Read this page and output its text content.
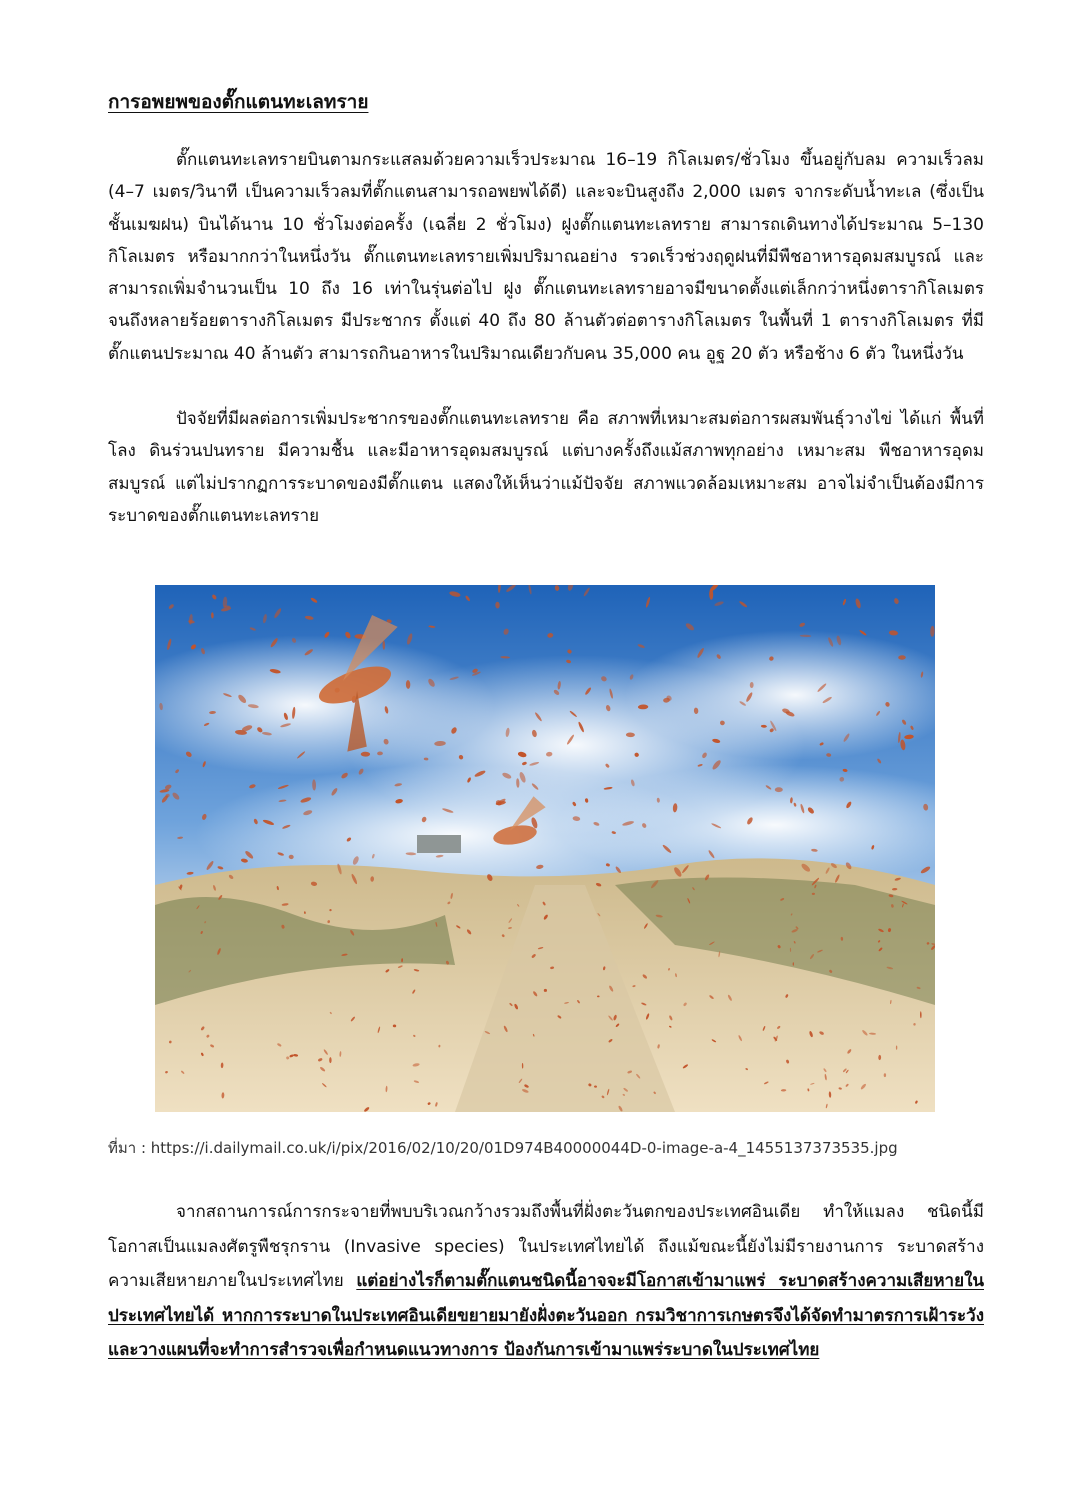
การอพยพของตั๊กแตนทะเลทราย

ตั๊กแตนทะเลทรายบินตามกระแสลมด้วยความเร็วประมาณ 16–19 กิโลเมตร/ชั่วโมง ขึ้นอยู่กับลม ความเร็วลม (4–7 เมตร/วินาที เป็นความเร็วลมที่ตั๊กแตนสามารถอพยพได้ดี) และจะบินสูงถึง 2,000 เมตร จากระดับน้ำทะเล (ซึ่งเป็นชั้นเมฆฝน) บินได้นาน 10 ชั่วโมงต่อครั้ง (เฉลี่ย 2 ชั่วโมง) ฝูงตั๊กแตนทะเลทราย สามารถเดินทางได้ประมาณ 5–130 กิโลเมตร หรือมากกว่าในหนึ่งวัน ตั๊กแตนทะเลทรายเพิ่มปริมาณอย่าง รวดเร็วช่วงฤดูฝนที่มีพืชอาหารอุดมสมบูรณ์ และสามารถเพิ่มจำนวนเป็น 10 ถึง 16 เท่าในรุ่นต่อไป ฝูง ตั๊กแตนทะเลทรายอาจมีขนาดตั้งแต่เล็กกว่าหนึ่งตารากิโลเมตรจนถึงหลายร้อยตารางกิโลเมตร มีประชากร ตั้งแต่ 40 ถึง 80 ล้านตัวต่อตารางกิโลเมตร ในพื้นที่ 1 ตารางกิโลเมตร ที่มีตั๊กแตนประมาณ 40 ล้านตัว สามารถกินอาหารในปริมาณเดียวกับคน 35,000 คน อูฐ 20 ตัว หรือช้าง 6 ตัว ในหนึ่งวัน

ปัจจัยที่มีผลต่อการเพิ่มประชากรของตั๊กแตนทะเลทราย คือ สภาพที่เหมาะสมต่อการผสมพันธุ์วางไข่ ได้แก่ พื้นที่โลง ดินร่วนปนทราย มีความชื้น และมีอาหารอุดมสมบูรณ์ แต่บางครั้งถึงแม้สภาพทุกอย่าง เหมาะสม พืชอาหารอุดมสมบูรณ์ แต่ไม่ปรากฏการระบาดของมีตั๊กแตน แสดงให้เห็นว่าแม้ปัจจัย สภาพแวดล้อมเหมาะสม อาจไม่จำเป็นต้องมีการระบาดของตั๊กแตนทะเลทราย

ที่มา : https://i.dailymail.co.uk/i/pix/2016/02/10/20/01D974B40000044D-0-image-a-4_1455137373535.jpg

จากสถานการณ์การกระจายที่พบบริเวณกว้างรวมถึงพื้นที่ฝั่งตะวันตกของประเทศอินเดีย ทำให้แมลง ชนิดนี้มีโอกาสเป็นแมลงศัตรูพืชรุกราน (Invasive species) ในประเทศไทยได้ ถึงแม้ขณะนี้ยังไม่มีรายงานการ ระบาดสร้างความเสียหายภายในประเทศไทย แต่อย่างไรก็ตามตั๊กแตนชนิดนี้อาจจะมีโอกาสเข้ามาแพร่ ระบาดสร้างความเสียหายในประเทศไทยได้ หากการระบาดในประเทศอินเดียขยายมายังฝั่งตะวันออก กรมวิชาการเกษตรจึงได้จัดทำมาตรการเฝ้าระวังและวางแผนที่จะทำการสำรวจเพื่อกำหนดแนวทางการ ป้องกันการเข้ามาแพร่ระบาดในประเทศไทย
